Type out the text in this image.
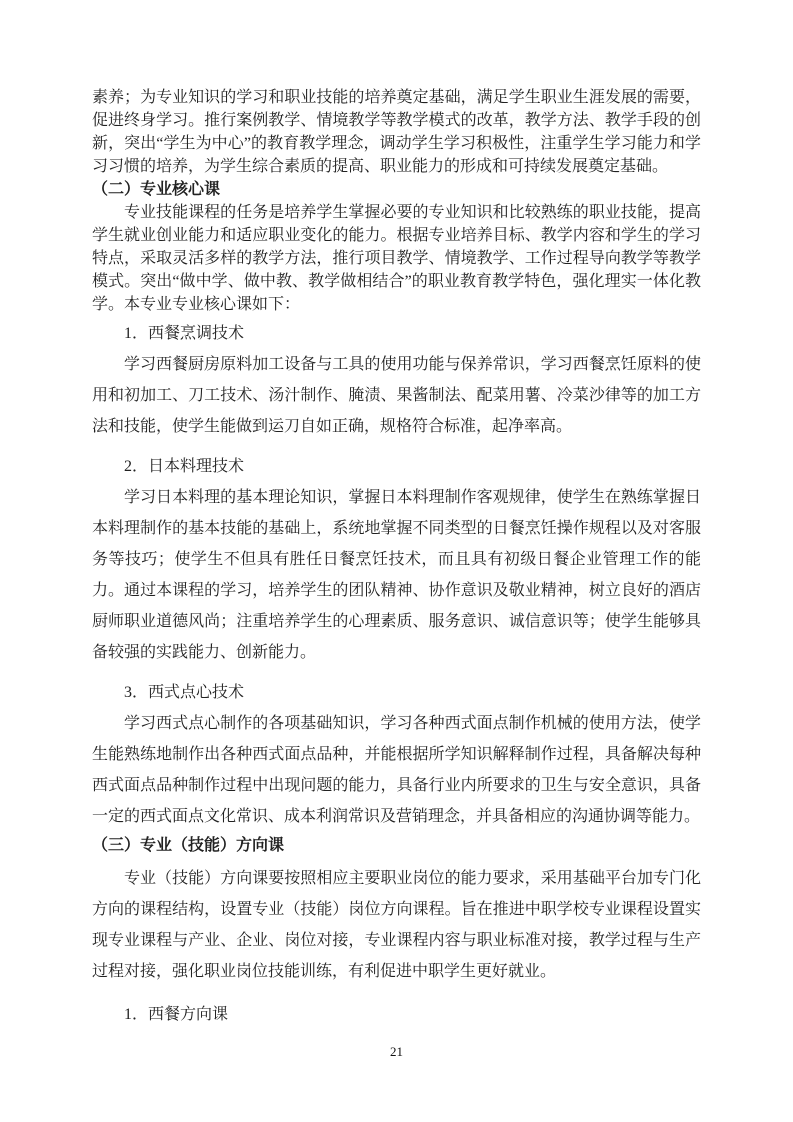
素养；为专业知识的学习和职业技能的培养奠定基础，满足学生职业生涯发展的需要，促进终身学习。推行案例教学、情境教学等教学模式的改革，教学方法、教学手段的创新，突出“学生为中心”的教育教学理念，调动学生学习积极性，注重学生学习能力和学习习惯的培养，为学生综合素质的提高、职业能力的形成和可持续发展奠定基础。

（二）专业核心课

专业技能课程的任务是培养学生掌握必要的专业知识和比较熟练的职业技能，提高学生就业创业能力和适应职业变化的能力。根据专业培养目标、教学内容和学生的学习特点，采取灵活多样的教学方法，推行项目教学、情境教学、工作过程导向教学等教学模式。突出“做中学、做中教、教学做相结合”的职业教育教学特色，强化理实一体化教学。本专业专业核心课如下：

1．西餐烹调技术

学习西餐厨房原料加工设备与工具的使用功能与保养常识，学习西餐烹饪原料的使用和初加工、刀工技术、汤汁制作、腌渍、果酱制法、配菜用薯、冷菜沙律等的加工方法和技能，使学生能做到运刀自如正确，规格符合标准，起净率高。

2．日本料理技术

学习日本料理的基本理论知识，掌握日本料理制作客观规律，使学生在熟练掌握日本料理制作的基本技能的基础上，系统地掌握不同类型的日餐烹饪操作规程以及对客服务等技巧；使学生不但具有胜任日餐烹饪技术，而且具有初级日餐企业管理工作的能力。通过本课程的学习，培养学生的团队精神、协作意识及敬业精神，树立良好的酒店厨师职业道德风尚；注重培养学生的心理素质、服务意识、诚信意识等；使学生能够具备较强的实践能力、创新能力。

3．西式点心技术

学习西式点心制作的各项基础知识，学习各种西式面点制作机械的使用方法，使学生能熟练地制作出各种西式面点品种，并能根据所学知识解释制作过程，具备解决每种西式面点品种制作过程中出现问题的能力，具备行业内所要求的卫生与安全意识，具备一定的西式面点文化常识、成本利润常识及营销理念，并具备相应的沟通协调等能力。

（三）专业（技能）方向课

专业（技能）方向课要按照相应主要职业岗位的能力要求，采用基础平台加专门化方向的课程结构，设置专业（技能）岗位方向课程。旨在推进中职学校专业课程设置实现专业课程与产业、企业、岗位对接，专业课程内容与职业标准对接，教学过程与生产过程对接，强化职业岗位技能训练，有利促进中职学生更好就业。

1．西餐方向课

21
